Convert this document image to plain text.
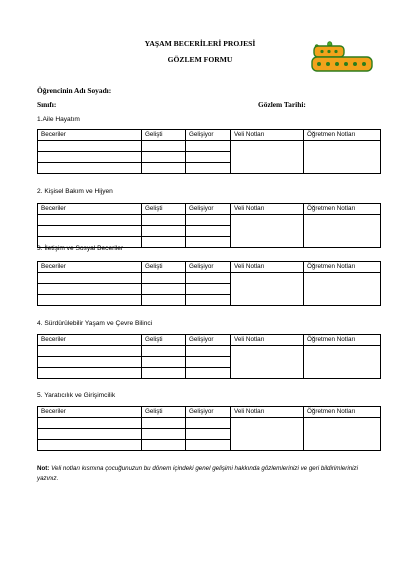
YAŞAM BECERİLERİ PROJESİ
GÖZLEM FORMU
Öğrencinin Adı Soyadı:
Sınıfı:	Gözlem Tarihi:
1.Aile Hayatım
Beceriler	Gelişti	Gelişiyor	Veli Notları	Öğretmen Notları

2. Kişisel Bakım ve Hijyen
Beceriler	Gelişti	Gelişiyor	Veli Notları	Öğretmen Notları

3. İletişim ve Sosyal Beceriler
Beceriler	Gelişti	Gelişiyor	Veli Notları	Öğretmen Notları

4. Sürdürülebilir Yaşam ve Çevre Bilinci
Beceriler	Gelişti	Gelişiyor	Veli Notları	Öğretmen Notları

5. Yaratıcılık ve Girişimcilik
Beceriler	Gelişti	Gelişiyor	Veli Notları	Öğretmen Notları

Not: Veli notları kısmına çocuğunuzun bu dönem içindeki genel gelişimi hakkında gözlemlerinizi ve geri bildirimlerinizi yazınız.
